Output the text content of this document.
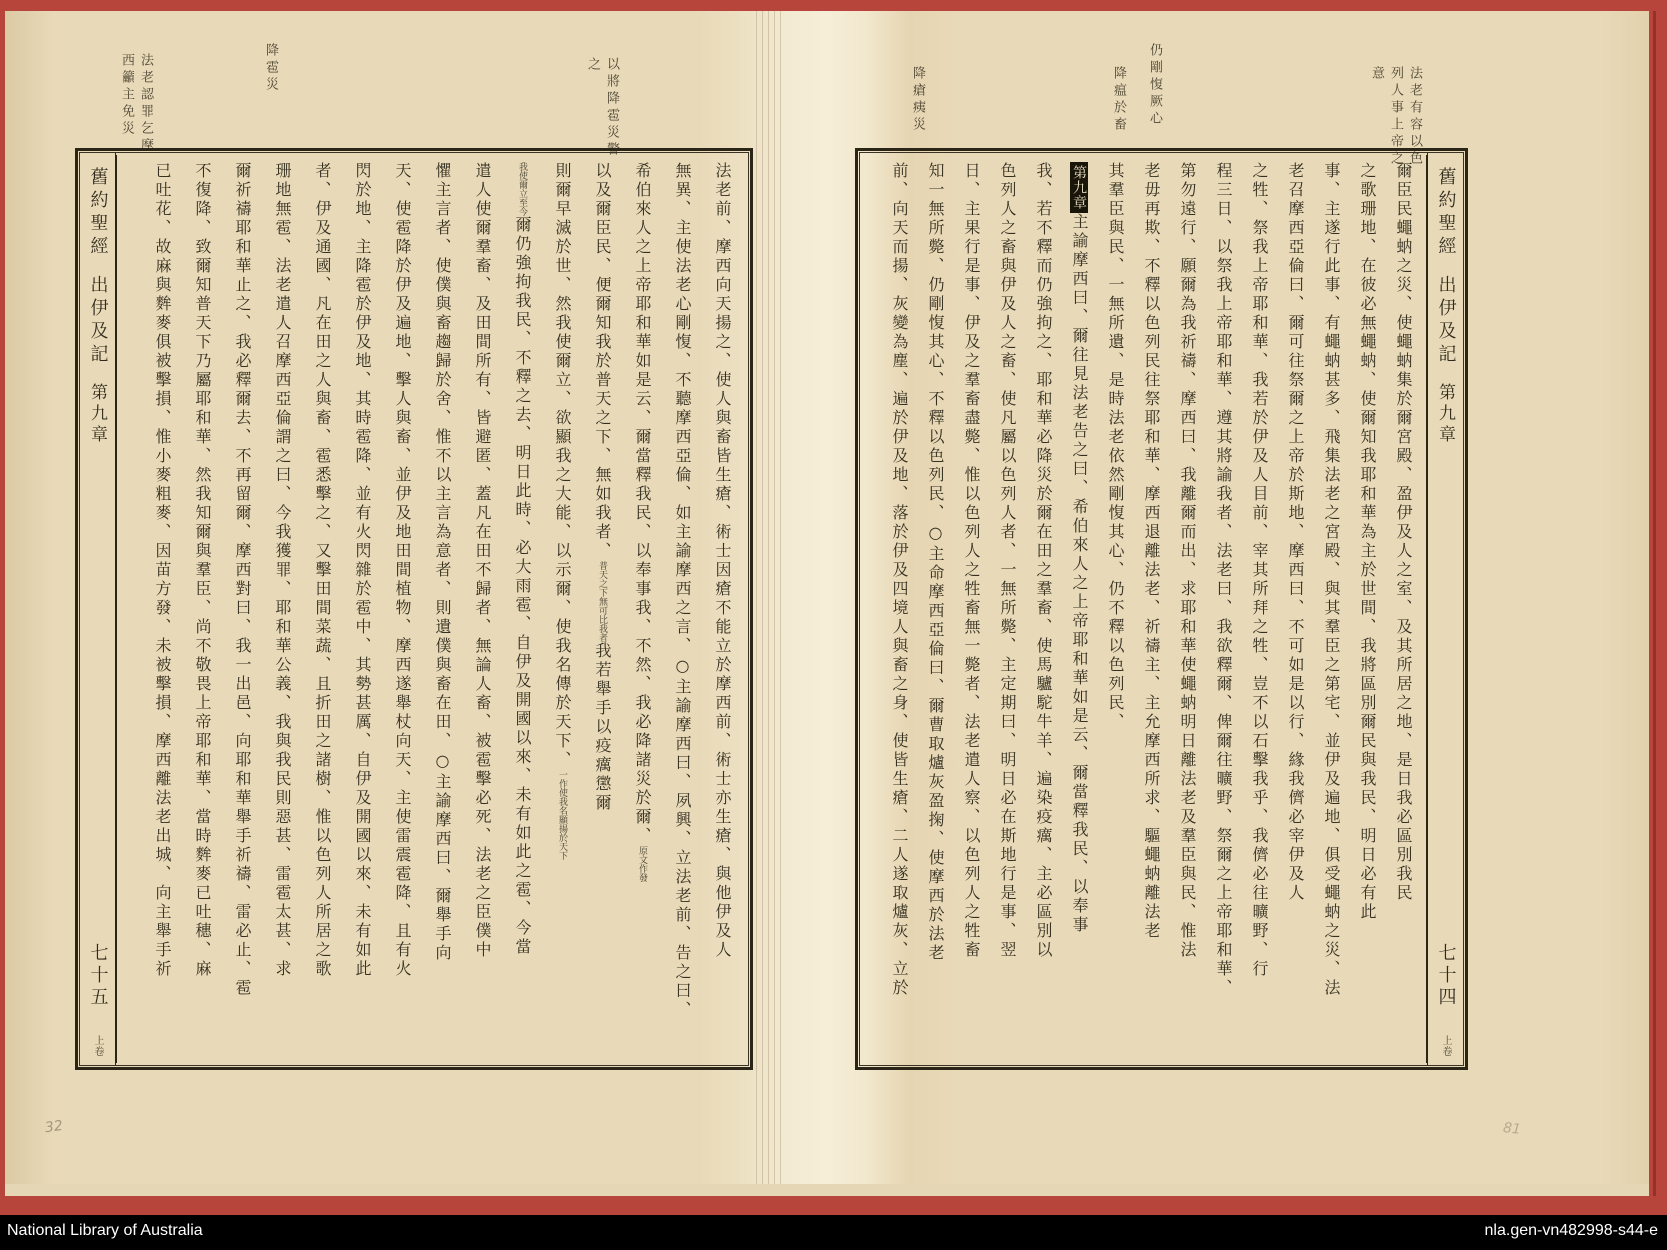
法老有容以色列人事上帝之意
仍剛愎厥心
降瘟於畜
降瘡痍災
以將降雹災警之
降雹災
法老認罪乞摩西籲主免災
舊約聖經
出伊及記
第九章
七十五
上卷
法老前、摩西向天揚之、使人與畜皆生瘡、術士因瘡不能立於摩西前、術士亦生瘡、與他伊及人
無異、主使法老心剛愎、不聽摩西亞倫、如主諭摩西之言、○主諭摩西曰、夙興、立法老前、告之曰、
希伯來人之上帝耶和華如是云、爾當釋我民、以奉事我、不然、我必降諸災於爾、原文作發
以及爾臣民、便爾知我於普天之下、無如我者、普天之下無可比我者我若舉手以疫癘懲爾
則爾早滅於世、然我使爾立、欲顯我之大能、以示爾、使我名傳於天下、一作使我名顯揚於天下
我使爾立至今爾仍強拘我民、不釋之去、明日此時、必大雨雹、自伊及開國以來、未有如此之雹、今當
遣人使爾羣畜、及田間所有、皆避匿、蓋凡在田不歸者、無論人畜、被雹擊必死、法老之臣僕中
懼主言者、使僕與畜趨歸於舍、惟不以主言為意者、則遺僕與畜在田、○主諭摩西曰、爾舉手向
天、使雹降於伊及遍地、擊人與畜、並伊及地田間植物、摩西遂舉杖向天、主使雷震雹降、且有火
閃於地、主降雹於伊及地、其時雹降、並有火閃雜於雹中、其勢甚厲、自伊及開國以來、未有如此
者、伊及通國、凡在田之人與畜、雹悉擊之、又擊田間菜蔬、且折田之諸樹、惟以色列人所居之歌
珊地無雹、法老遣人召摩西亞倫謂之曰、今我獲罪、耶和華公義、我與我民則惡甚、雷雹太甚、求
爾祈禱耶和華止之、我必釋爾去、不再留爾、摩西對曰、我一出邑、向耶和華舉手祈禱、雷必止、雹
不復降、致爾知普天下乃屬耶和華、然我知爾與羣臣、尚不敬畏上帝耶和華、當時麰麥已吐穗、麻
已吐花、故麻與麰麥俱被擊損、惟小麥粗麥、因苗方發、未被擊損、摩西離法老出城、向主舉手祈	爾臣民蠅蚋之災、使蠅蚋集於爾宮殿、盈伊及人之室、及其所居之地、是日我必區別我民
之歌珊地、在彼必無蠅蚋、使爾知我耶和華為主於世間、我將區別爾民與我民、明日必有此
事、主遂行此事、有蠅蚋甚多、飛集法老之宮殿、與其羣臣之第宅、並伊及遍地、俱受蠅蚋之災、法
老召摩西亞倫曰、爾可往祭爾之上帝於斯地、摩西曰、不可如是以行、緣我儕必宰伊及人
之牲、祭我上帝耶和華、我若於伊及人目前、宰其所拜之牲、豈不以石擊我乎、我儕必往曠野、行
程三日、以祭我上帝耶和華、遵其將諭我者、法老曰、我欲釋爾、俾爾往曠野、祭爾之上帝耶和華、
第勿遠行、願爾為我祈禱、摩西曰、我離爾而出、求耶和華使蠅蚋明日離法老及羣臣與民、惟法
老毋再欺、不釋以色列民往祭耶和華、摩西退離法老、祈禱主、主允摩西所求、驅蠅蚋離法老
其羣臣與民、一無所遺、是時法老依然剛愎其心、仍不釋以色列民、
第九章主諭摩西曰、爾往見法老告之曰、希伯來人之上帝耶和華如是云、爾當釋我民、以奉事
我、若不釋而仍強拘之、耶和華必降災於爾在田之羣畜、使馬驢駝牛羊、遍染疫癘、主必區別以
色列人之畜與伊及人之畜、使凡屬以色列人者、一無所斃、主定期曰、明日必在斯地行是事、翌
日、主果行是事、伊及之羣畜盡斃、惟以色列人之牲畜無一斃者、法老遣人察、以色列人之牲畜
知一無所斃、仍剛愎其心、不釋以色列民、○主命摩西亞倫曰、爾曹取爐灰盈掬、使摩西於法老
前、向天而揚、灰變為塵、遍於伊及地、落於伊及四境人與畜之身、使皆生瘡、二人遂取爐灰、立於	舊約聖經
出伊及記
第九章
七十四
上卷
32	81
National Library of Australia	nla.gen-vn482998-s44-e
